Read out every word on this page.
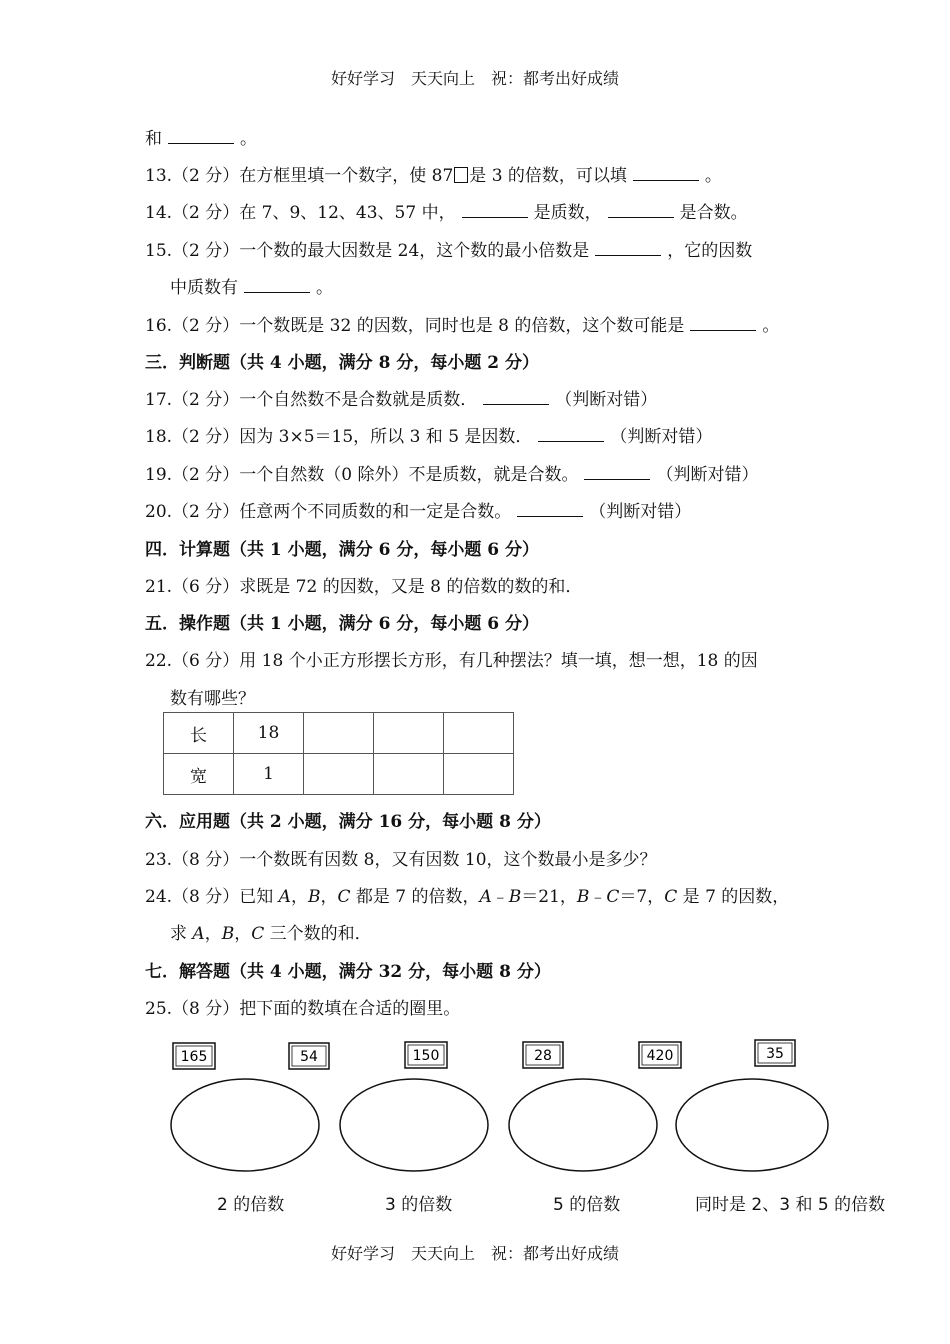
好好学习　天天向上　祝：都考出好成绩
和	。
13.（2 分）在方框里填一个数字，使 87 是 3 的倍数，可以填	。
14.（2 分）在 7、9、12、43、57 中，	是质数，	是合数。
15.（2 分）一个数的最大因数是 24，这个数的最小倍数是	，它的因数
中质数有	。
16.（2 分）一个数既是 32 的因数，同时也是 8 的倍数，这个数可能是	。
三．判断题（共 4 小题，满分 8 分，每小题 2 分）
17.（2 分）一个自然数不是合数就是质数．	（判断对错）
18.（2 分）因为 3×5＝15，所以 3 和 5 是因数．	（判断对错）
19.（2 分）一个自然数（0 除外）不是质数，就是合数。	（判断对错）
20.（2 分）任意两个不同质数的和一定是合数。	（判断对错）
四．计算题（共 1 小题，满分 6 分，每小题 6 分）
21.（6 分）求既是 72 的因数，又是 8 的倍数的数的和．
五．操作题（共 1 小题，满分 6 分，每小题 6 分）
22.（6 分）用 18 个小正方形摆长方形，有几种摆法？填一填，想一想，18 的因
数有哪些？
长	18			
宽	1			
六．应用题（共 2 小题，满分 16 分，每小题 8 分）
23.（8 分）一个数既有因数 8，又有因数 10，这个数最小是多少？
24.（8 分）已知 A，B，C 都是 7 的倍数，A﹣B＝21，B﹣C＝7，C 是 7 的因数，
求 A，B，C 三个数的和．
七．解答题（共 4 小题，满分 32 分，每小题 8 分）
25.（8 分）把下面的数填在合适的圈里。
165	54	150	28	420	35
2 的倍数	3 的倍数	5 的倍数	同时是 2、3 和 5 的倍数
好好学习　天天向上　祝：都考出好成绩
